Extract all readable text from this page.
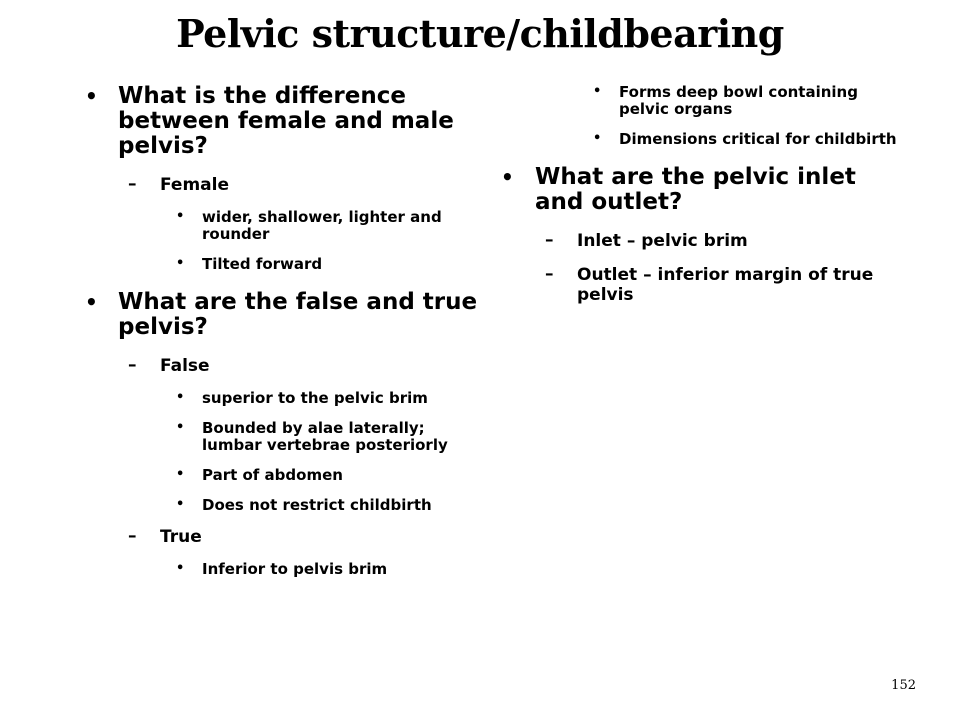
Pelvic structure/childbearing
• What is the difference between female and male pelvis?
– Female
• wider, shallower, lighter and rounder
• Tilted forward
• What are the false and true pelvis?
– False
• superior to the pelvic brim
• Bounded by alae laterally; lumbar vertebrae posteriorly
• Part of abdomen
• Does not restrict childbirth
– True
• Inferior to pelvis brim
• Forms deep bowl containing pelvic organs
• Dimensions critical for childbirth
• What are the pelvic inlet and outlet?
– Inlet – pelvic brim
– Outlet – inferior margin of true pelvis
152
